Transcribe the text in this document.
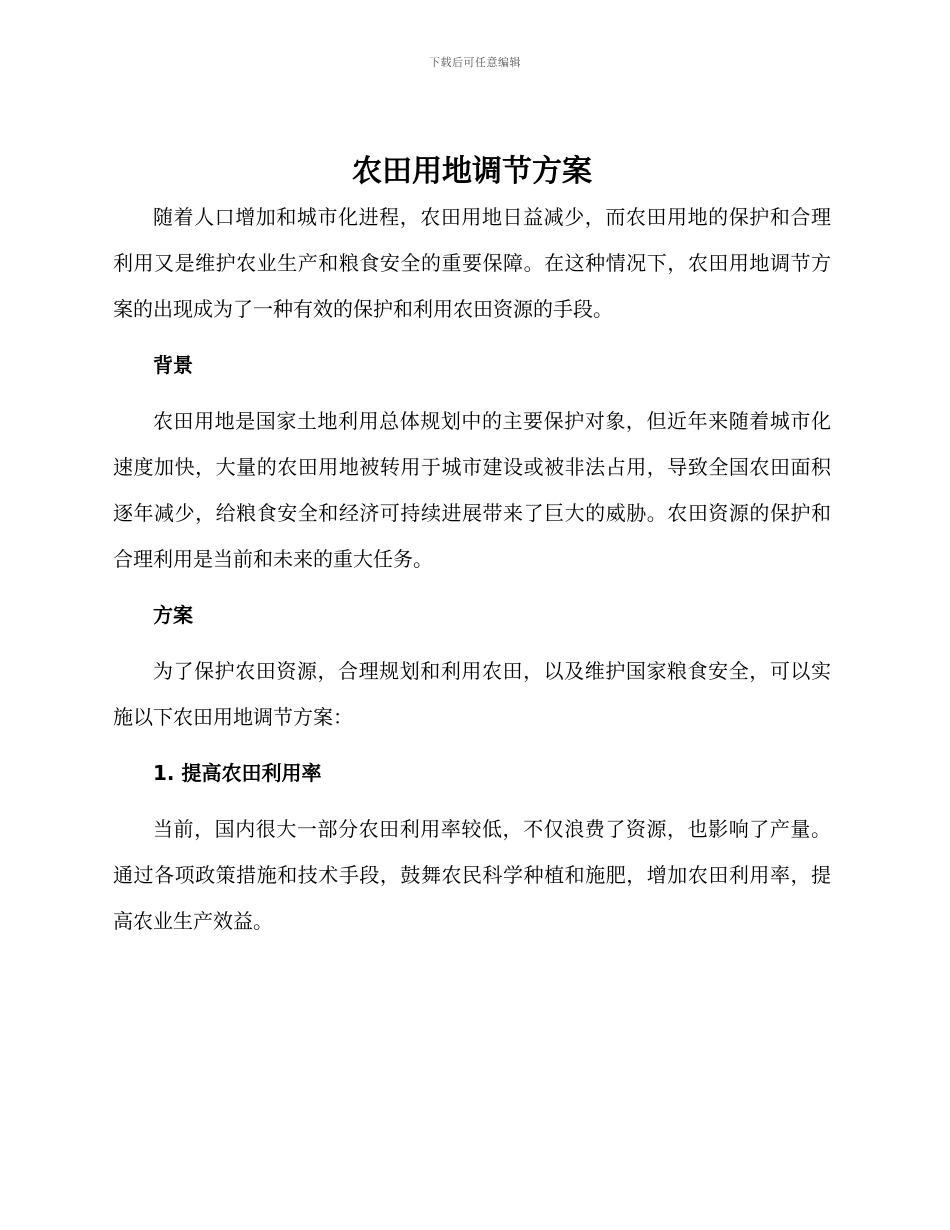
下载后可任意编辑
农田用地调节方案

随着人口增加和城市化进程，农田用地日益减少，而农田用地的保护和合理利用又是维护农业生产和粮食安全的重要保障。在这种情况下，农田用地调节方案的出现成为了一种有效的保护和利用农田资源的手段。

背景

农田用地是国家土地利用总体规划中的主要保护对象，但近年来随着城市化速度加快，大量的农田用地被转用于城市建设或被非法占用，导致全国农田面积逐年减少，给粮食安全和经济可持续进展带来了巨大的威胁。农田资源的保护和合理利用是当前和未来的重大任务。

方案

为了保护农田资源，合理规划和利用农田，以及维护国家粮食安全，可以实施以下农田用地调节方案：

1. 提高农田利用率

当前，国内很大一部分农田利用率较低，不仅浪费了资源，也影响了产量。通过各项政策措施和技术手段，鼓舞农民科学种植和施肥，增加农田利用率，提高农业生产效益。
